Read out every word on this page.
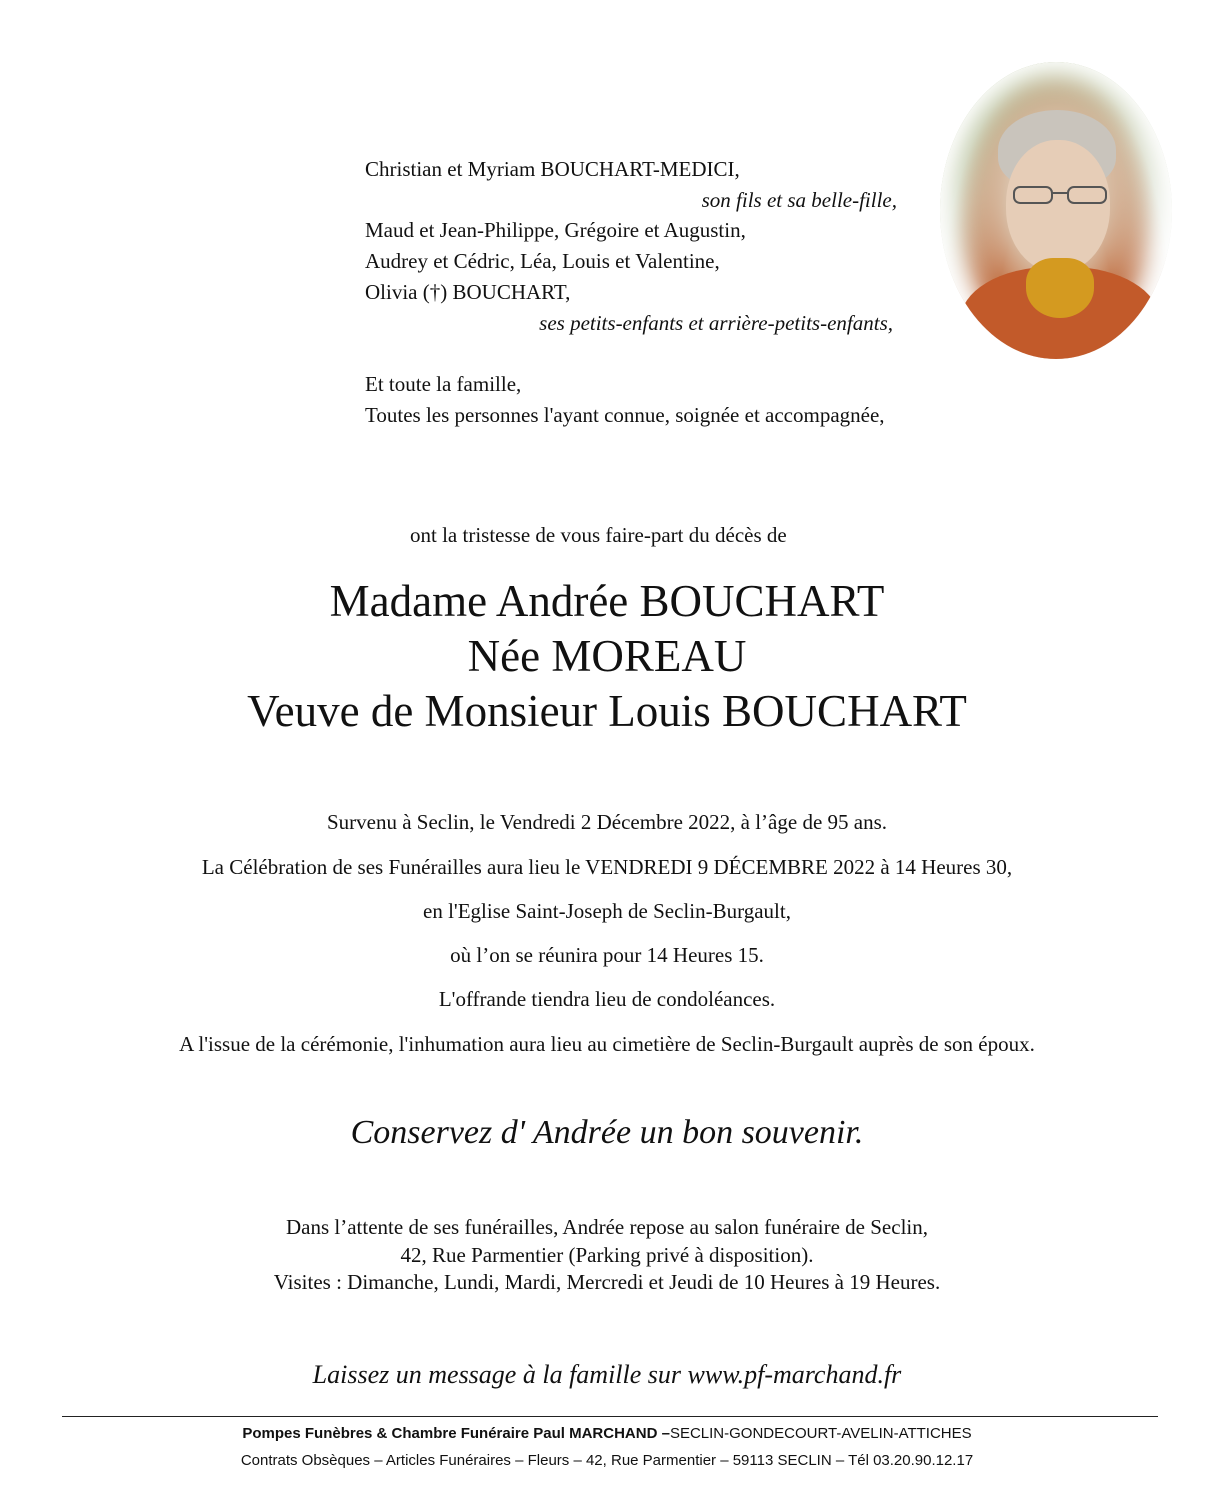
Christian et Myriam BOUCHART-MEDICI,
son fils et sa belle-fille,
Maud et Jean-Philippe, Grégoire et Augustin,
Audrey et Cédric, Léa, Louis et Valentine,
Olivia (†) BOUCHART,
ses petits-enfants et arrière-petits-enfants,
Et toute la famille,
Toutes les personnes l'ayant connue, soignée et accompagnée,
ont la tristesse de vous faire-part du décès de
Madame Andrée BOUCHART
Née MOREAU
Veuve de Monsieur Louis BOUCHART
Survenu à Seclin, le Vendredi 2 Décembre 2022, à l’âge de 95 ans.
La Célébration de ses Funérailles aura lieu le VENDREDI 9 DÉCEMBRE 2022 à 14 Heures 30,
en l'Eglise Saint-Joseph de Seclin-Burgault,
où l’on se réunira pour 14 Heures 15.
L'offrande tiendra lieu de condoléances.
A l'issue de la cérémonie, l'inhumation aura lieu au cimetière de Seclin-Burgault auprès de son époux.
Conservez d' Andrée un bon souvenir.
Dans l’attente de ses funérailles, Andrée repose au salon funéraire de Seclin,
42, Rue Parmentier (Parking privé à disposition).
Visites : Dimanche, Lundi, Mardi, Mercredi et Jeudi de 10 Heures à 19 Heures.
Laissez un message à la famille sur www.pf-marchand.fr
Pompes Funèbres & Chambre Funéraire Paul MARCHAND –SECLIN-GONDECOURT-AVELIN-ATTICHES
Contrats Obsèques – Articles Funéraires – Fleurs – 42, Rue Parmentier – 59113 SECLIN – Tél 03.20.90.12.17
